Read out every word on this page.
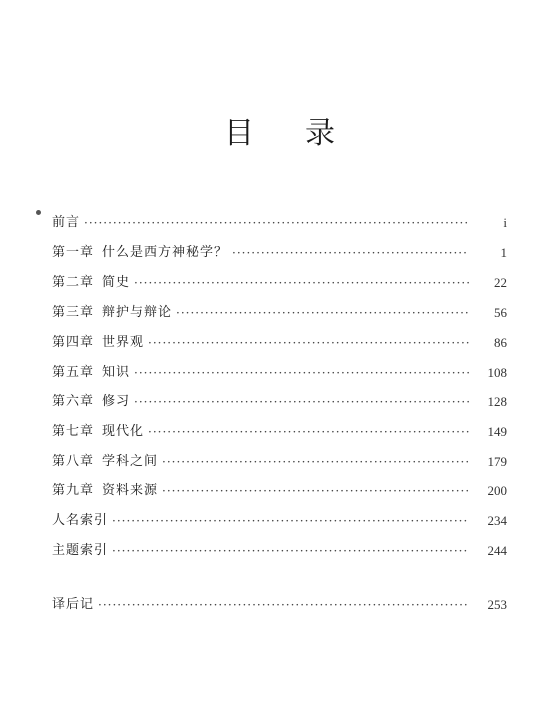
目 录
前言 ·····	i
第一章 什么是西方神秘学？ ·····	1
第二章 简史 ·····	22
第三章 辩护与辩论 ·····	56
第四章 世界观 ·····	86
第五章 知识 ·····	108
第六章 修习 ·····	128
第七章 现代化 ·····	149
第八章 学科之间 ·····	179
第九章 资料来源 ·····	200
人名索引 ·····	234
主题索引 ·····	244
译后记 ·····	253
